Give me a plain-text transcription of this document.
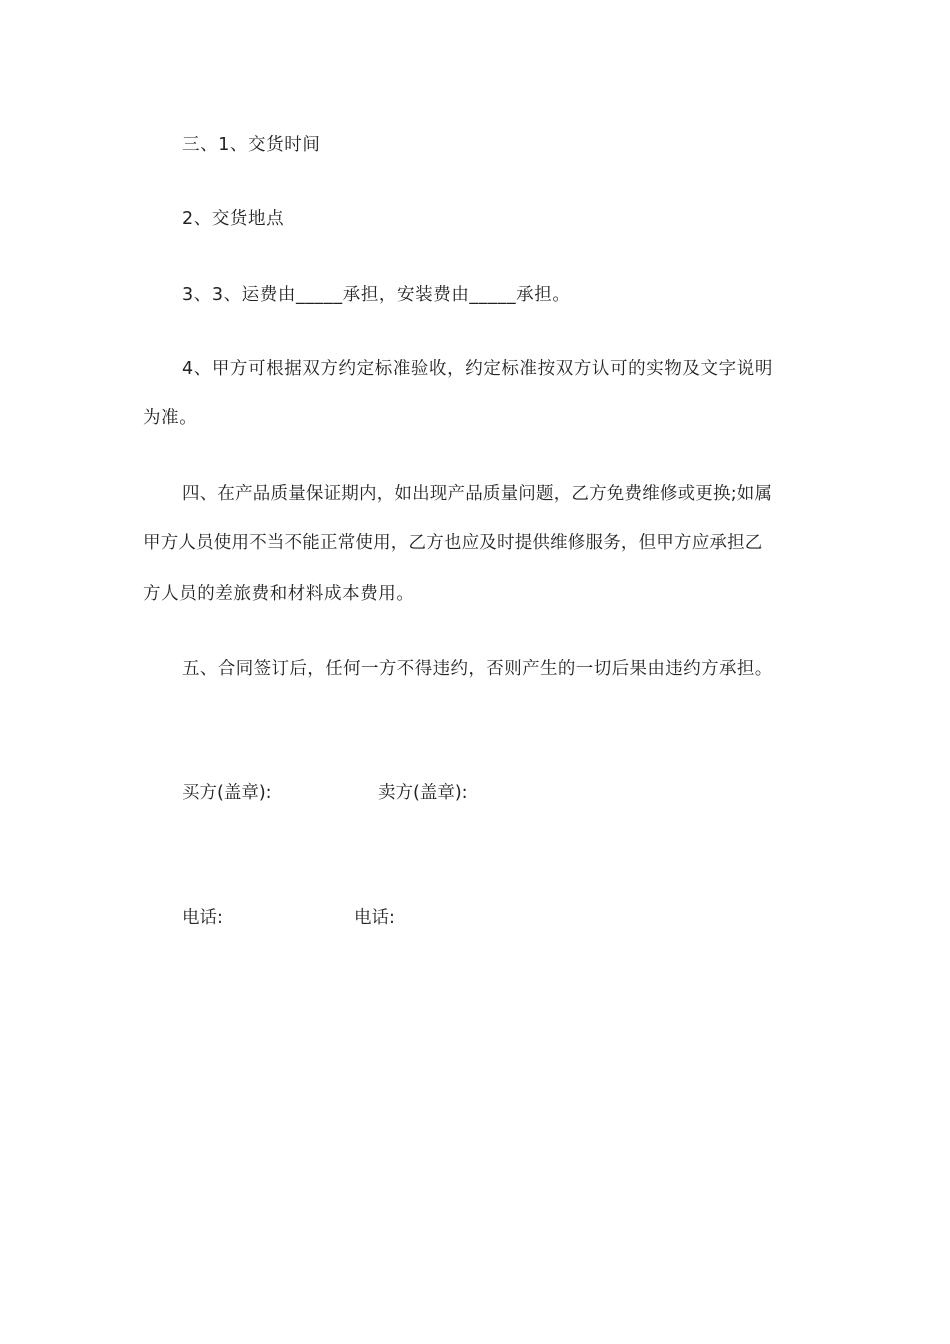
三、1、交货时间
2、交货地点
3、3、运费由_____承担，安装费由_____承担。
4、甲方可根据双方约定标准验收，约定标准按双方认可的实物及文字说明
为准。
四、在产品质量保证期内，如出现产品质量问题，乙方免费维修或更换;如属
甲方人员使用不当不能正常使用，乙方也应及时提供维修服务，但甲方应承担乙
方人员的差旅费和材料成本费用。
五、合同签订后，任何一方不得违约，否则产生的一切后果由违约方承担。
买方(盖章):	卖方(盖章):
电话:	电话:
